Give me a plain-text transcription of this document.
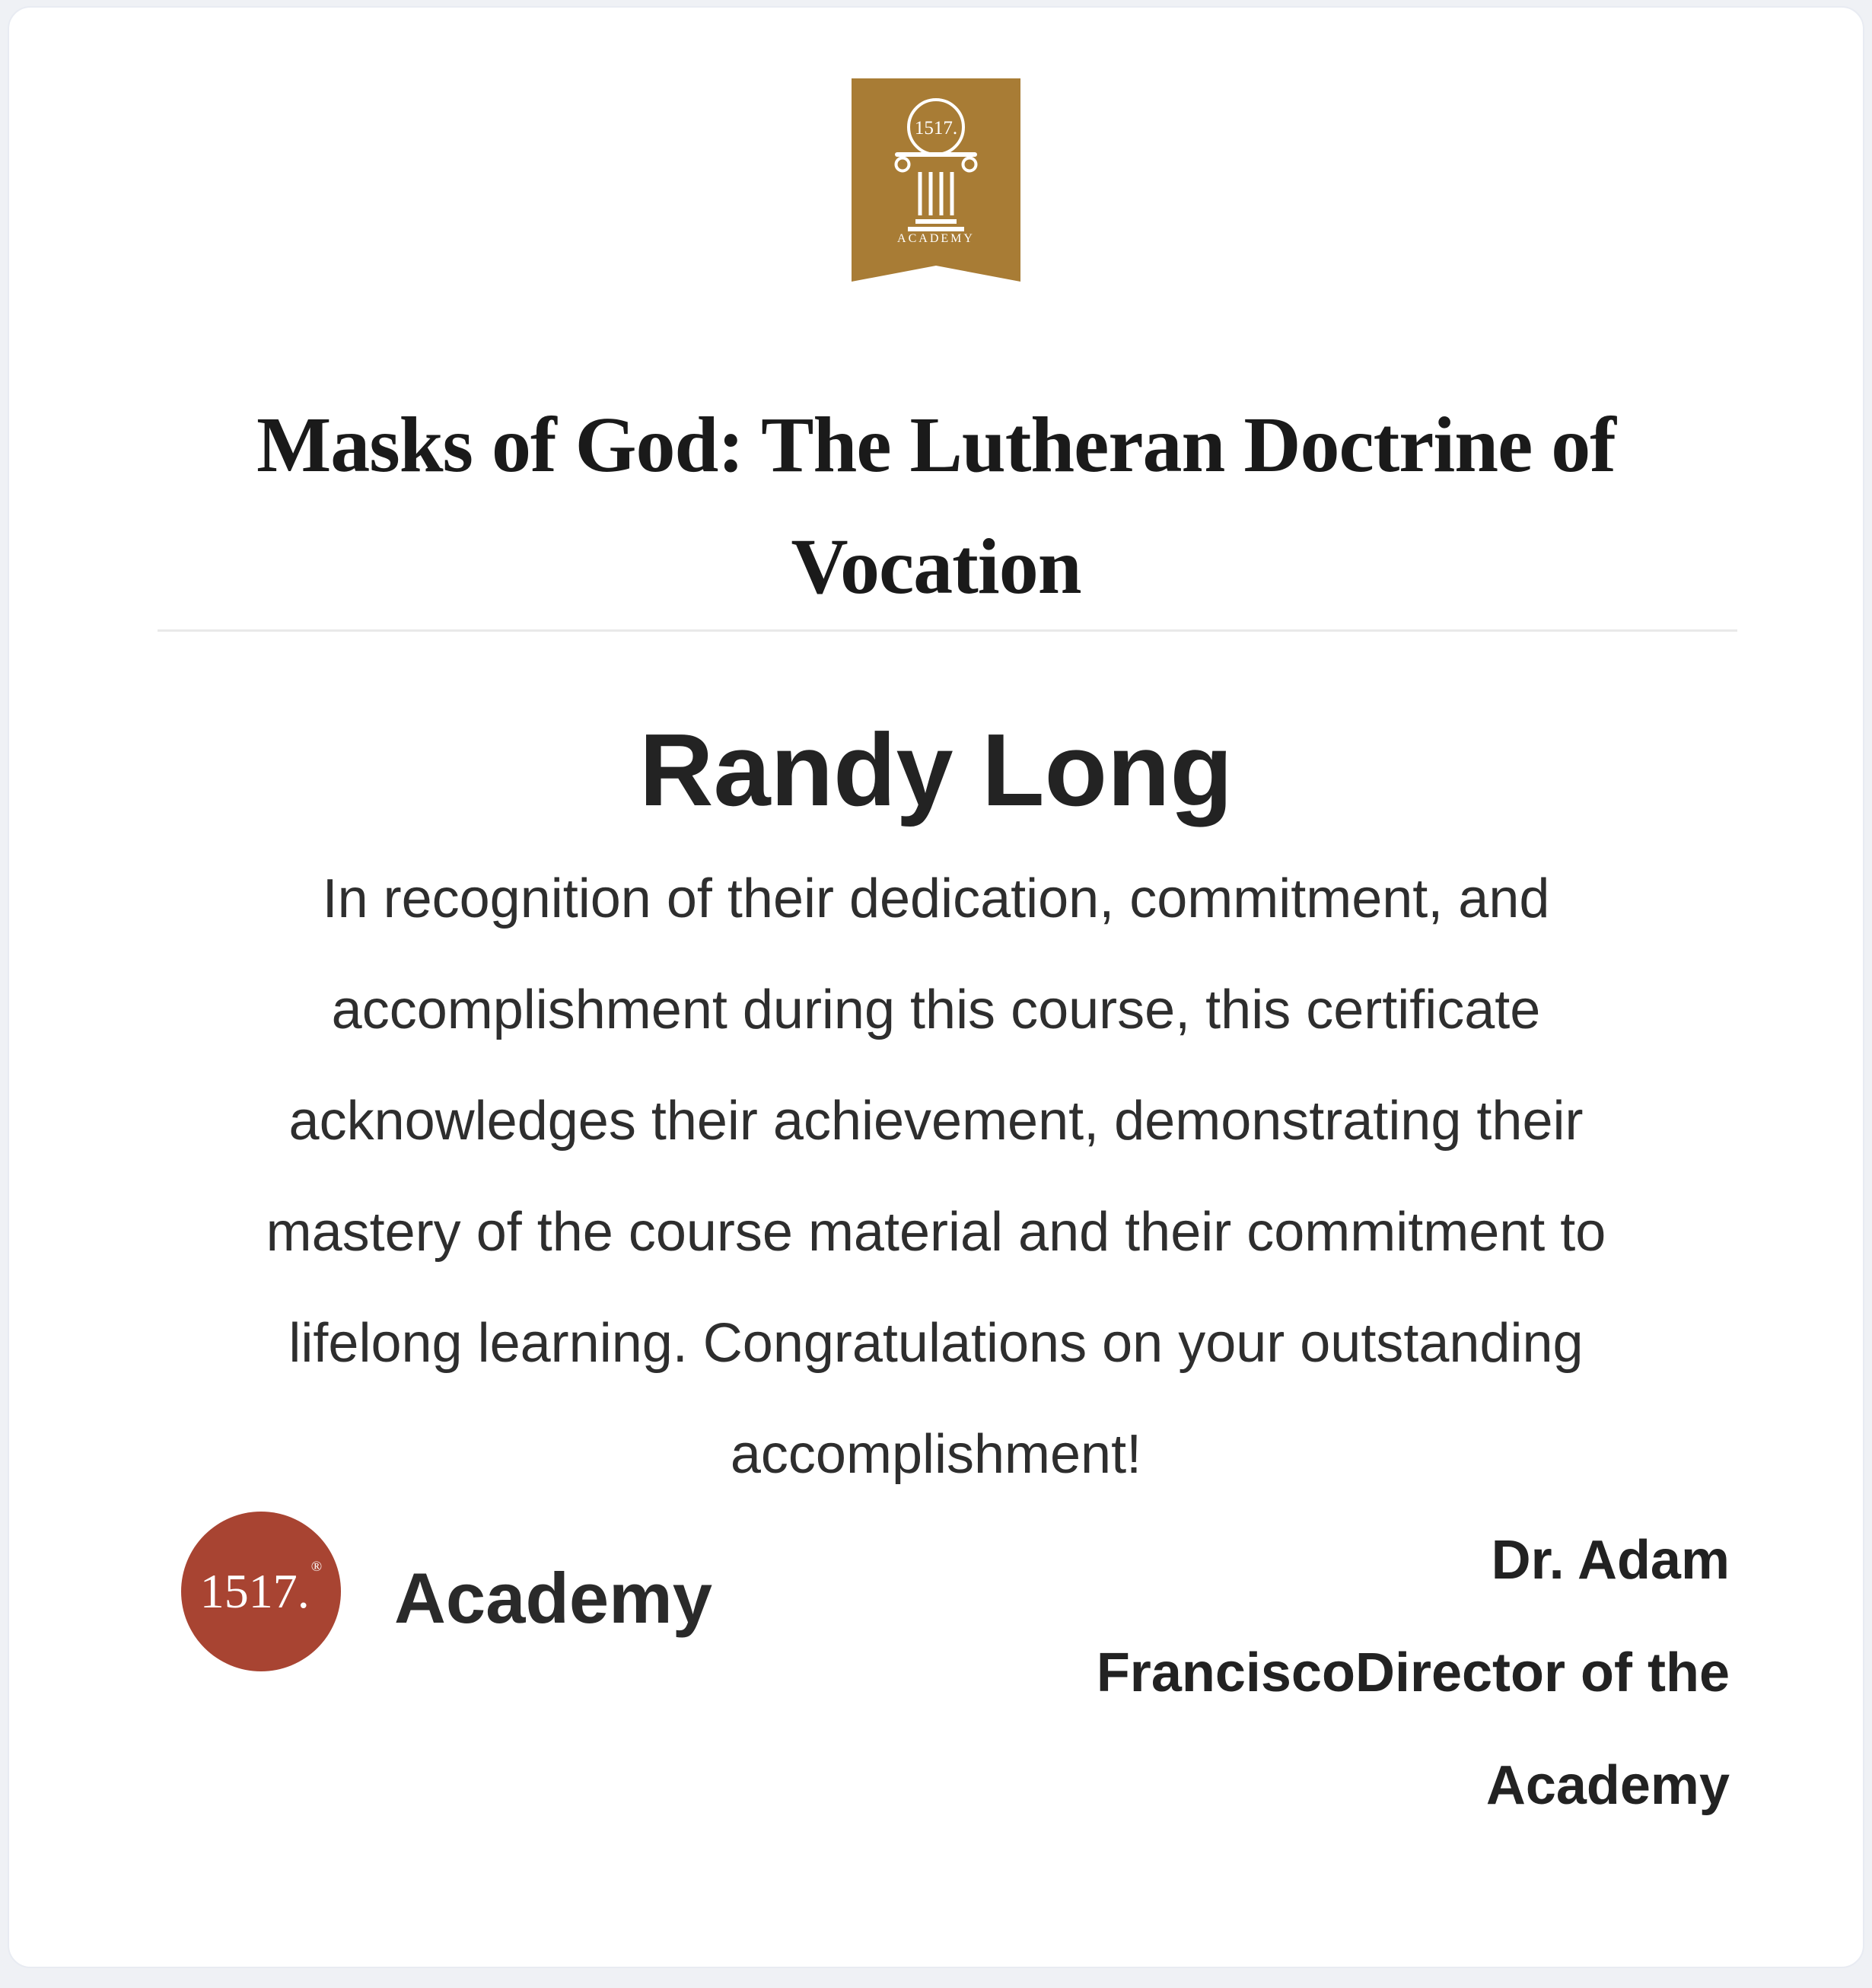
1517.
ACADEMY
Masks of God: The Lutheran Doctrine of
Vocation
Randy Long
In recognition of their dedication, commitment, and
accomplishment during this course, this certificate
acknowledges their achievement, demonstrating their
mastery of the course material and their commitment to
lifelong learning. Congratulations on your outstanding
accomplishment!
1517. ® Academy	Dr. Adam
FranciscoDirector of the
Academy
